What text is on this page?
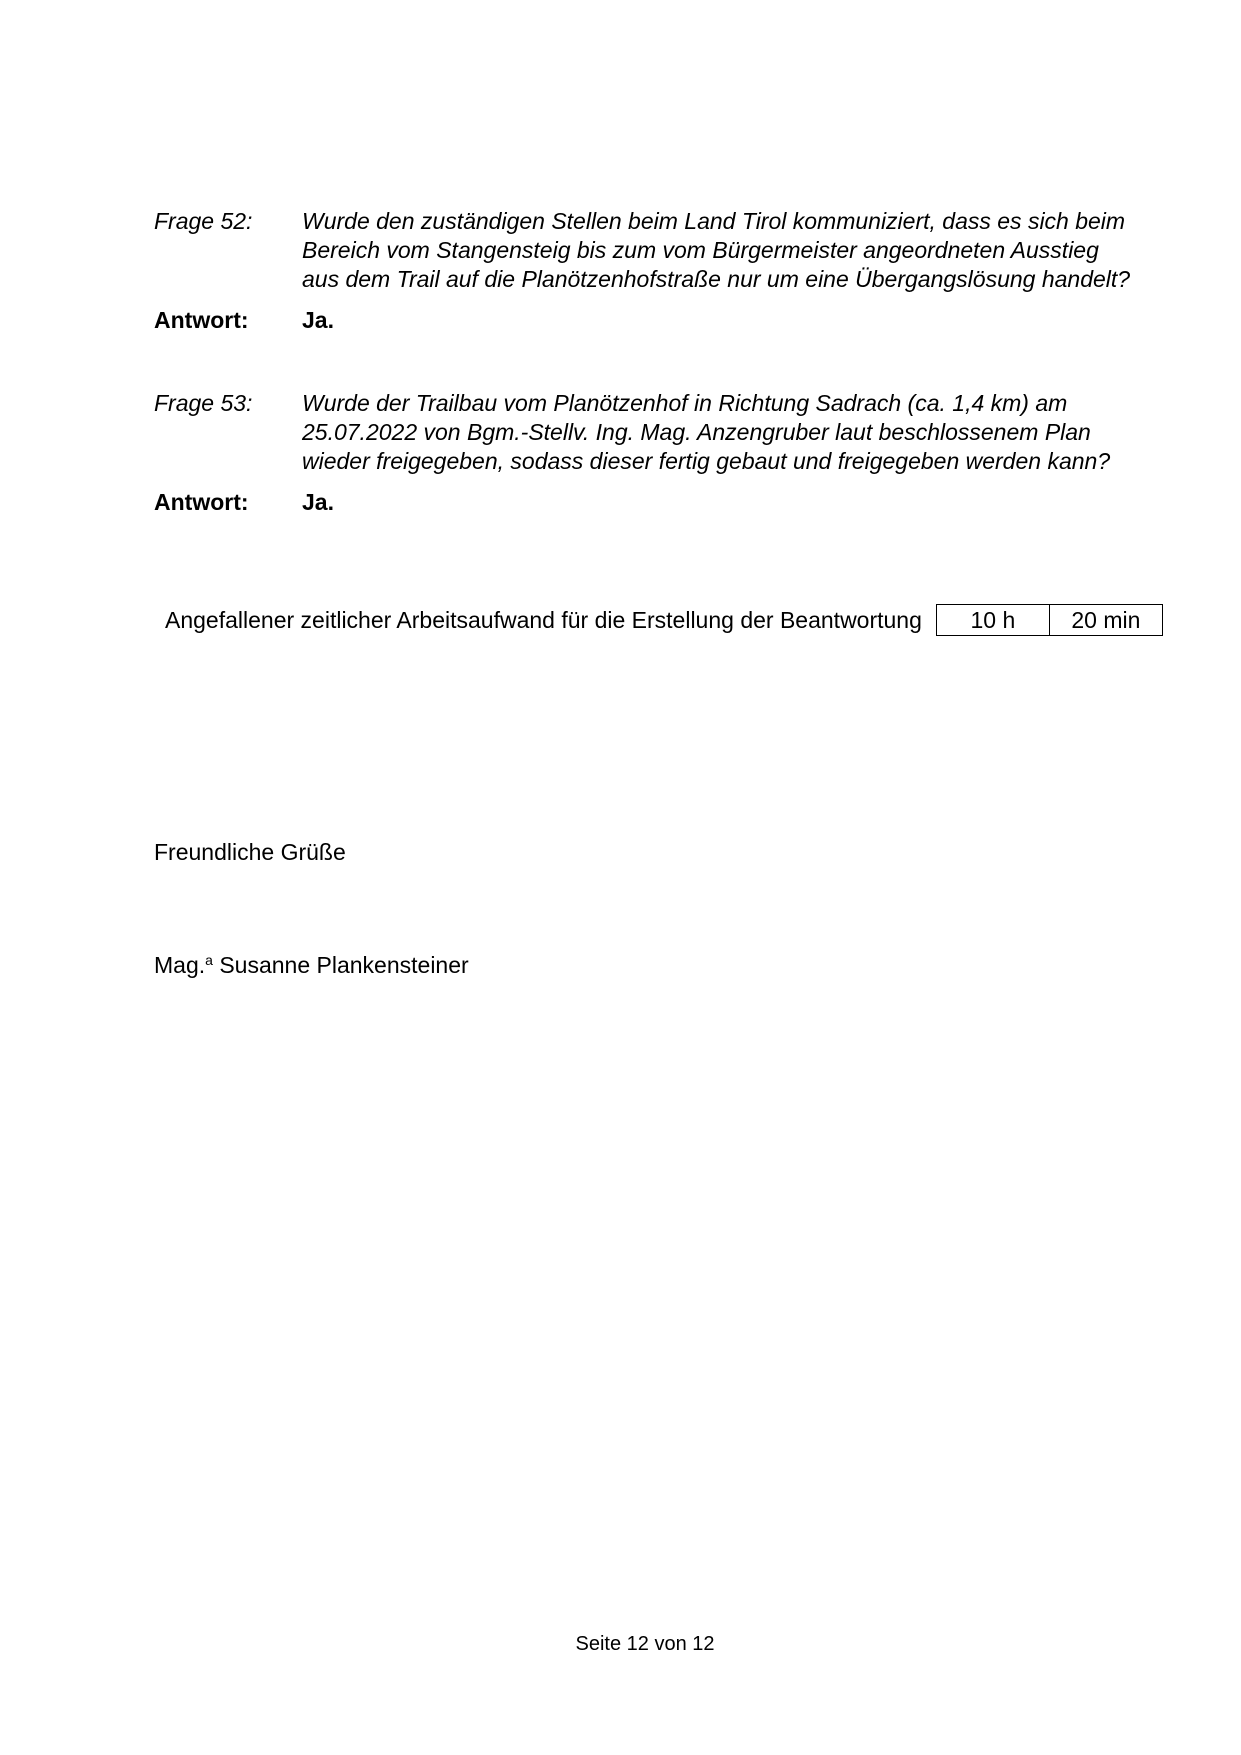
Frage 52:	Wurde den zuständigen Stellen beim Land Tirol kommuniziert, dass es sich beim
Bereich vom Stangensteig bis zum vom Bürgermeister angeordneten Ausstieg
aus dem Trail auf die Planötzenhofstraße nur um eine Übergangslösung handelt?
Antwort:	Ja.
Frage 53:	Wurde der Trailbau vom Planötzenhof in Richtung Sadrach (ca. 1,4 km) am
25.07.2022 von Bgm.-Stellv. Ing. Mag. Anzengruber laut beschlossenem Plan
wieder freigegeben, sodass dieser fertig gebaut und freigegeben werden kann?
Antwort:	Ja.
Angefallener zeitlicher Arbeitsaufwand für die Erstellung der Beantwortung	10 h	20 min
Freundliche Grüße
Mag.$^a$ Susanne Plankensteiner
Seite 12 von 12
